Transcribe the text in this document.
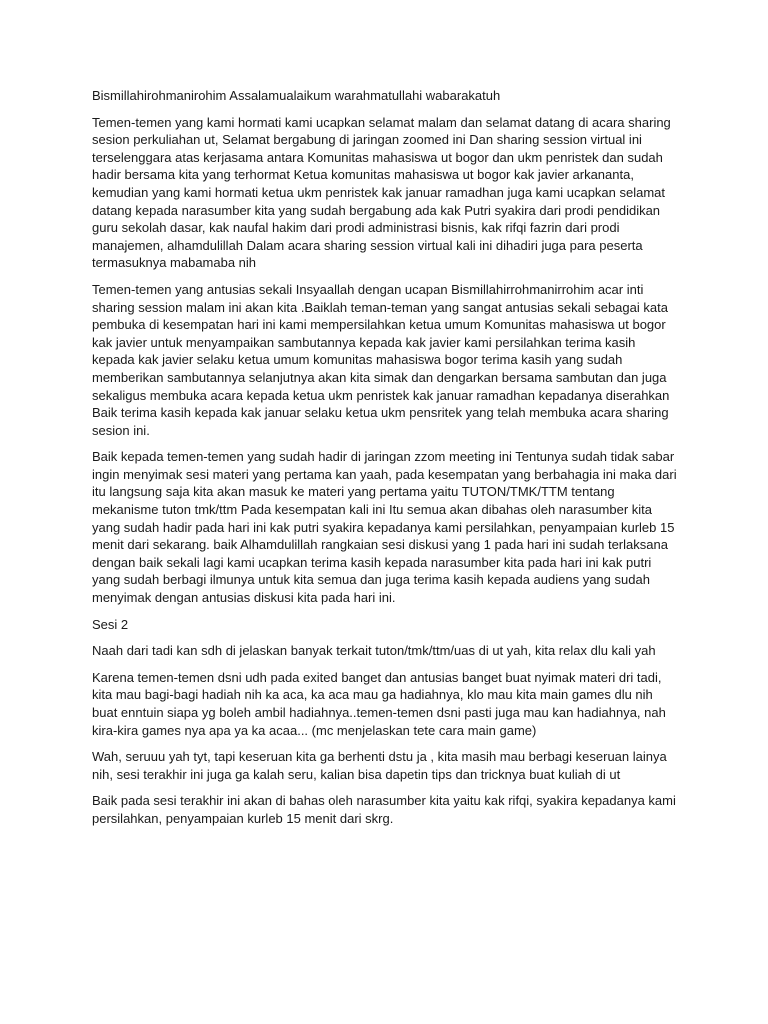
Bismillahirohmanirohim Assalamualaikum warahmatullahi wabarakatuh

Temen-temen yang kami hormati kami ucapkan selamat malam dan selamat datang di acara sharing
sesion perkuliahan ut, Selamat bergabung di jaringan zoomed ini Dan sharing session virtual ini
terselenggara atas kerjasama antara Komunitas mahasiswa ut bogor dan ukm penristek dan sudah
hadir bersama kita yang terhormat Ketua komunitas mahasiswa ut bogor kak javier arkananta,
kemudian yang kami hormati ketua ukm penristek kak januar ramadhan juga kami ucapkan selamat
datang kepada narasumber kita yang sudah bergabung ada kak Putri syakira dari prodi pendidikan
guru sekolah dasar, kak naufal hakim dari prodi administrasi bisnis, kak rifqi fazrin dari prodi
manajemen, alhamdulillah Dalam acara sharing session virtual kali ini dihadiri juga para peserta
termasuknya mabamaba nih

Temen-temen yang antusias sekali Insyaallah dengan ucapan Bismillahirrohmanirrohim acar inti
sharing session malam ini akan kita .Baiklah teman-teman yang sangat antusias sekali sebagai kata
pembuka di kesempatan hari ini kami mempersilahkan ketua umum Komunitas mahasiswa ut bogor
kak javier untuk menyampaikan sambutannya kepada kak javier kami persilahkan terima kasih
kepada kak javier selaku ketua umum komunitas mahasiswa bogor terima kasih yang sudah
memberikan sambutannya selanjutnya akan kita simak dan dengarkan bersama sambutan dan juga
sekaligus membuka acara kepada ketua ukm penristek kak januar ramadhan kepadanya diserahkan
Baik terima kasih kepada kak januar selaku ketua ukm pensritek yang telah membuka acara sharing
sesion ini.

Baik kepada temen-temen yang sudah hadir di jaringan zzom meeting ini Tentunya sudah tidak sabar
ingin menyimak sesi materi yang pertama kan yaah, pada kesempatan yang berbahagia ini maka dari
itu langsung saja kita akan masuk ke materi yang pertama yaitu TUTON/TMK/TTM tentang
mekanisme tuton tmk/ttm Pada kesempatan kali ini Itu semua akan dibahas oleh narasumber kita
yang sudah hadir pada hari ini kak putri syakira kepadanya kami persilahkan, penyampaian kurleb 15
menit dari sekarang. baik Alhamdulillah rangkaian sesi diskusi yang 1 pada hari ini sudah terlaksana
dengan baik sekali lagi kami ucapkan terima kasih kepada narasumber kita pada hari ini kak putri
yang sudah berbagi ilmunya untuk kita semua dan juga terima kasih kepada audiens yang sudah
menyimak dengan antusias diskusi kita pada hari ini.

Sesi 2

Naah dari tadi kan sdh di jelaskan banyak terkait tuton/tmk/ttm/uas di ut yah, kita relax dlu kali yah

Karena temen-temen dsni udh pada exited banget dan antusias banget buat nyimak materi dri tadi,
kita mau bagi-bagi hadiah nih ka aca, ka aca mau ga hadiahnya, klo mau kita main games dlu nih
buat enntuin siapa yg boleh ambil hadiahnya..temen-temen dsni pasti juga mau kan hadiahnya, nah
kira-kira games nya apa ya ka acaa... (mc menjelaskan tete cara main game)

Wah, seruuu yah tyt, tapi keseruan kita ga berhenti dstu ja , kita masih mau berbagi keseruan lainya
nih, sesi terakhir ini juga ga kalah seru, kalian bisa dapetin tips dan tricknya buat kuliah di ut

Baik pada sesi terakhir ini akan di bahas oleh narasumber kita yaitu kak rifqi, syakira kepadanya kami
persilahkan, penyampaian kurleb 15 menit dari skrg.
